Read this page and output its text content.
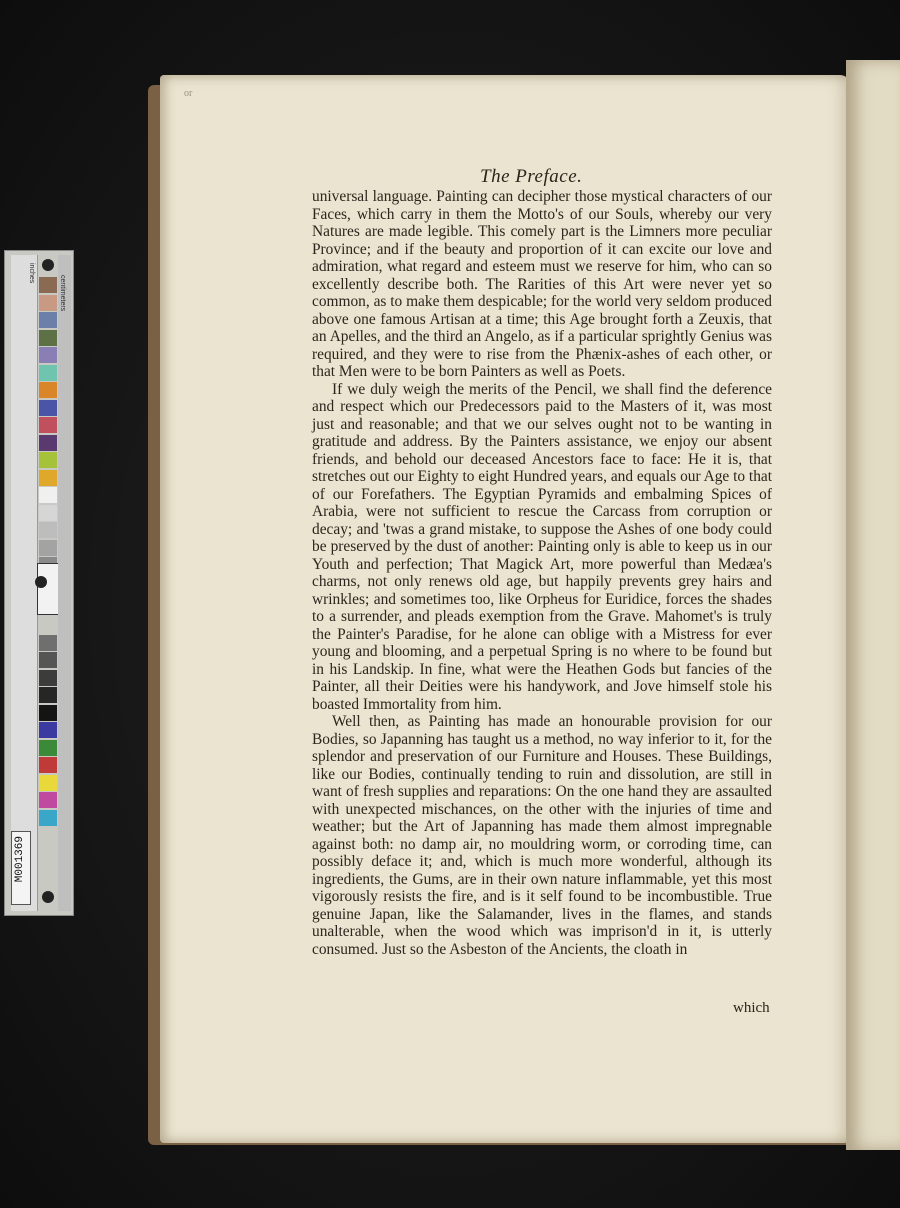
inches
centimeters
M001369
or
The Preface.

universal language. Painting can decipher those mystical characters of our Faces, which carry in them the Motto's of our Souls, whereby our very Natures are made legible. This comely part is the Limners more peculiar Province; and if the beauty and proportion of it can excite our love and admiration, what regard and esteem must we reserve for him, who can so excellently describe both. The Rarities of this Art were never yet so common, as to make them despicable; for the world very seldom produced above one famous Artisan at a time; this Age brought forth a Zeuxis, that an Apelles, and the third an Angelo, as if a particular sprightly Genius was required, and they were to rise from the Phænix-ashes of each other, or that Men were to be born Painters as well as Poets.

If we duly weigh the merits of the Pencil, we shall find the deference and respect which our Predecessors paid to the Masters of it, was most just and reasonable; and that we our selves ought not to be wanting in gratitude and address. By the Painters assistance, we enjoy our absent friends, and behold our deceased Ancestors face to face: He it is, that stretches out our Eighty to eight Hundred years, and equals our Age to that of our Forefathers. The Egyptian Pyramids and embalming Spices of Arabia, were not sufficient to rescue the Carcass from corruption or decay; and 'twas a grand mistake, to suppose the Ashes of one body could be preserved by the dust of another: Painting only is able to keep us in our Youth and perfection; That Magick Art, more powerful than Medæa's charms, not only renews old age, but happily prevents grey hairs and wrinkles; and sometimes too, like Orpheus for Euridice, forces the shades to a surrender, and pleads exemption from the Grave. Mahomet's is truly the Painter's Paradise, for he alone can oblige with a Mistress for ever young and blooming, and a perpetual Spring is no where to be found but in his Landskip. In fine, what were the Heathen Gods but fancies of the Painter, all their Deities were his handywork, and Jove himself stole his boasted Immortality from him.

Well then, as Painting has made an honourable provision for our Bodies, so Japanning has taught us a method, no way inferior to it, for the splendor and preservation of our Furniture and Houses. These Buildings, like our Bodies, continually tending to ruin and dissolution, are still in want of fresh supplies and reparations: On the one hand they are assaulted with unexpected mischances, on the other with the injuries of time and weather; but the Art of Japanning has made them almost impregnable against both: no damp air, no mouldring worm, or corroding time, can possibly deface it; and, which is much more wonderful, although its ingredients, the Gums, are in their own nature inflammable, yet this most vigorously resists the fire, and is it self found to be incombustible. True genuine Japan, like the Salamander, lives in the flames, and stands unalterable, when the wood which was imprison'd in it, is utterly consumed. Just so the Asbeston of the Ancients, the cloath in

which
